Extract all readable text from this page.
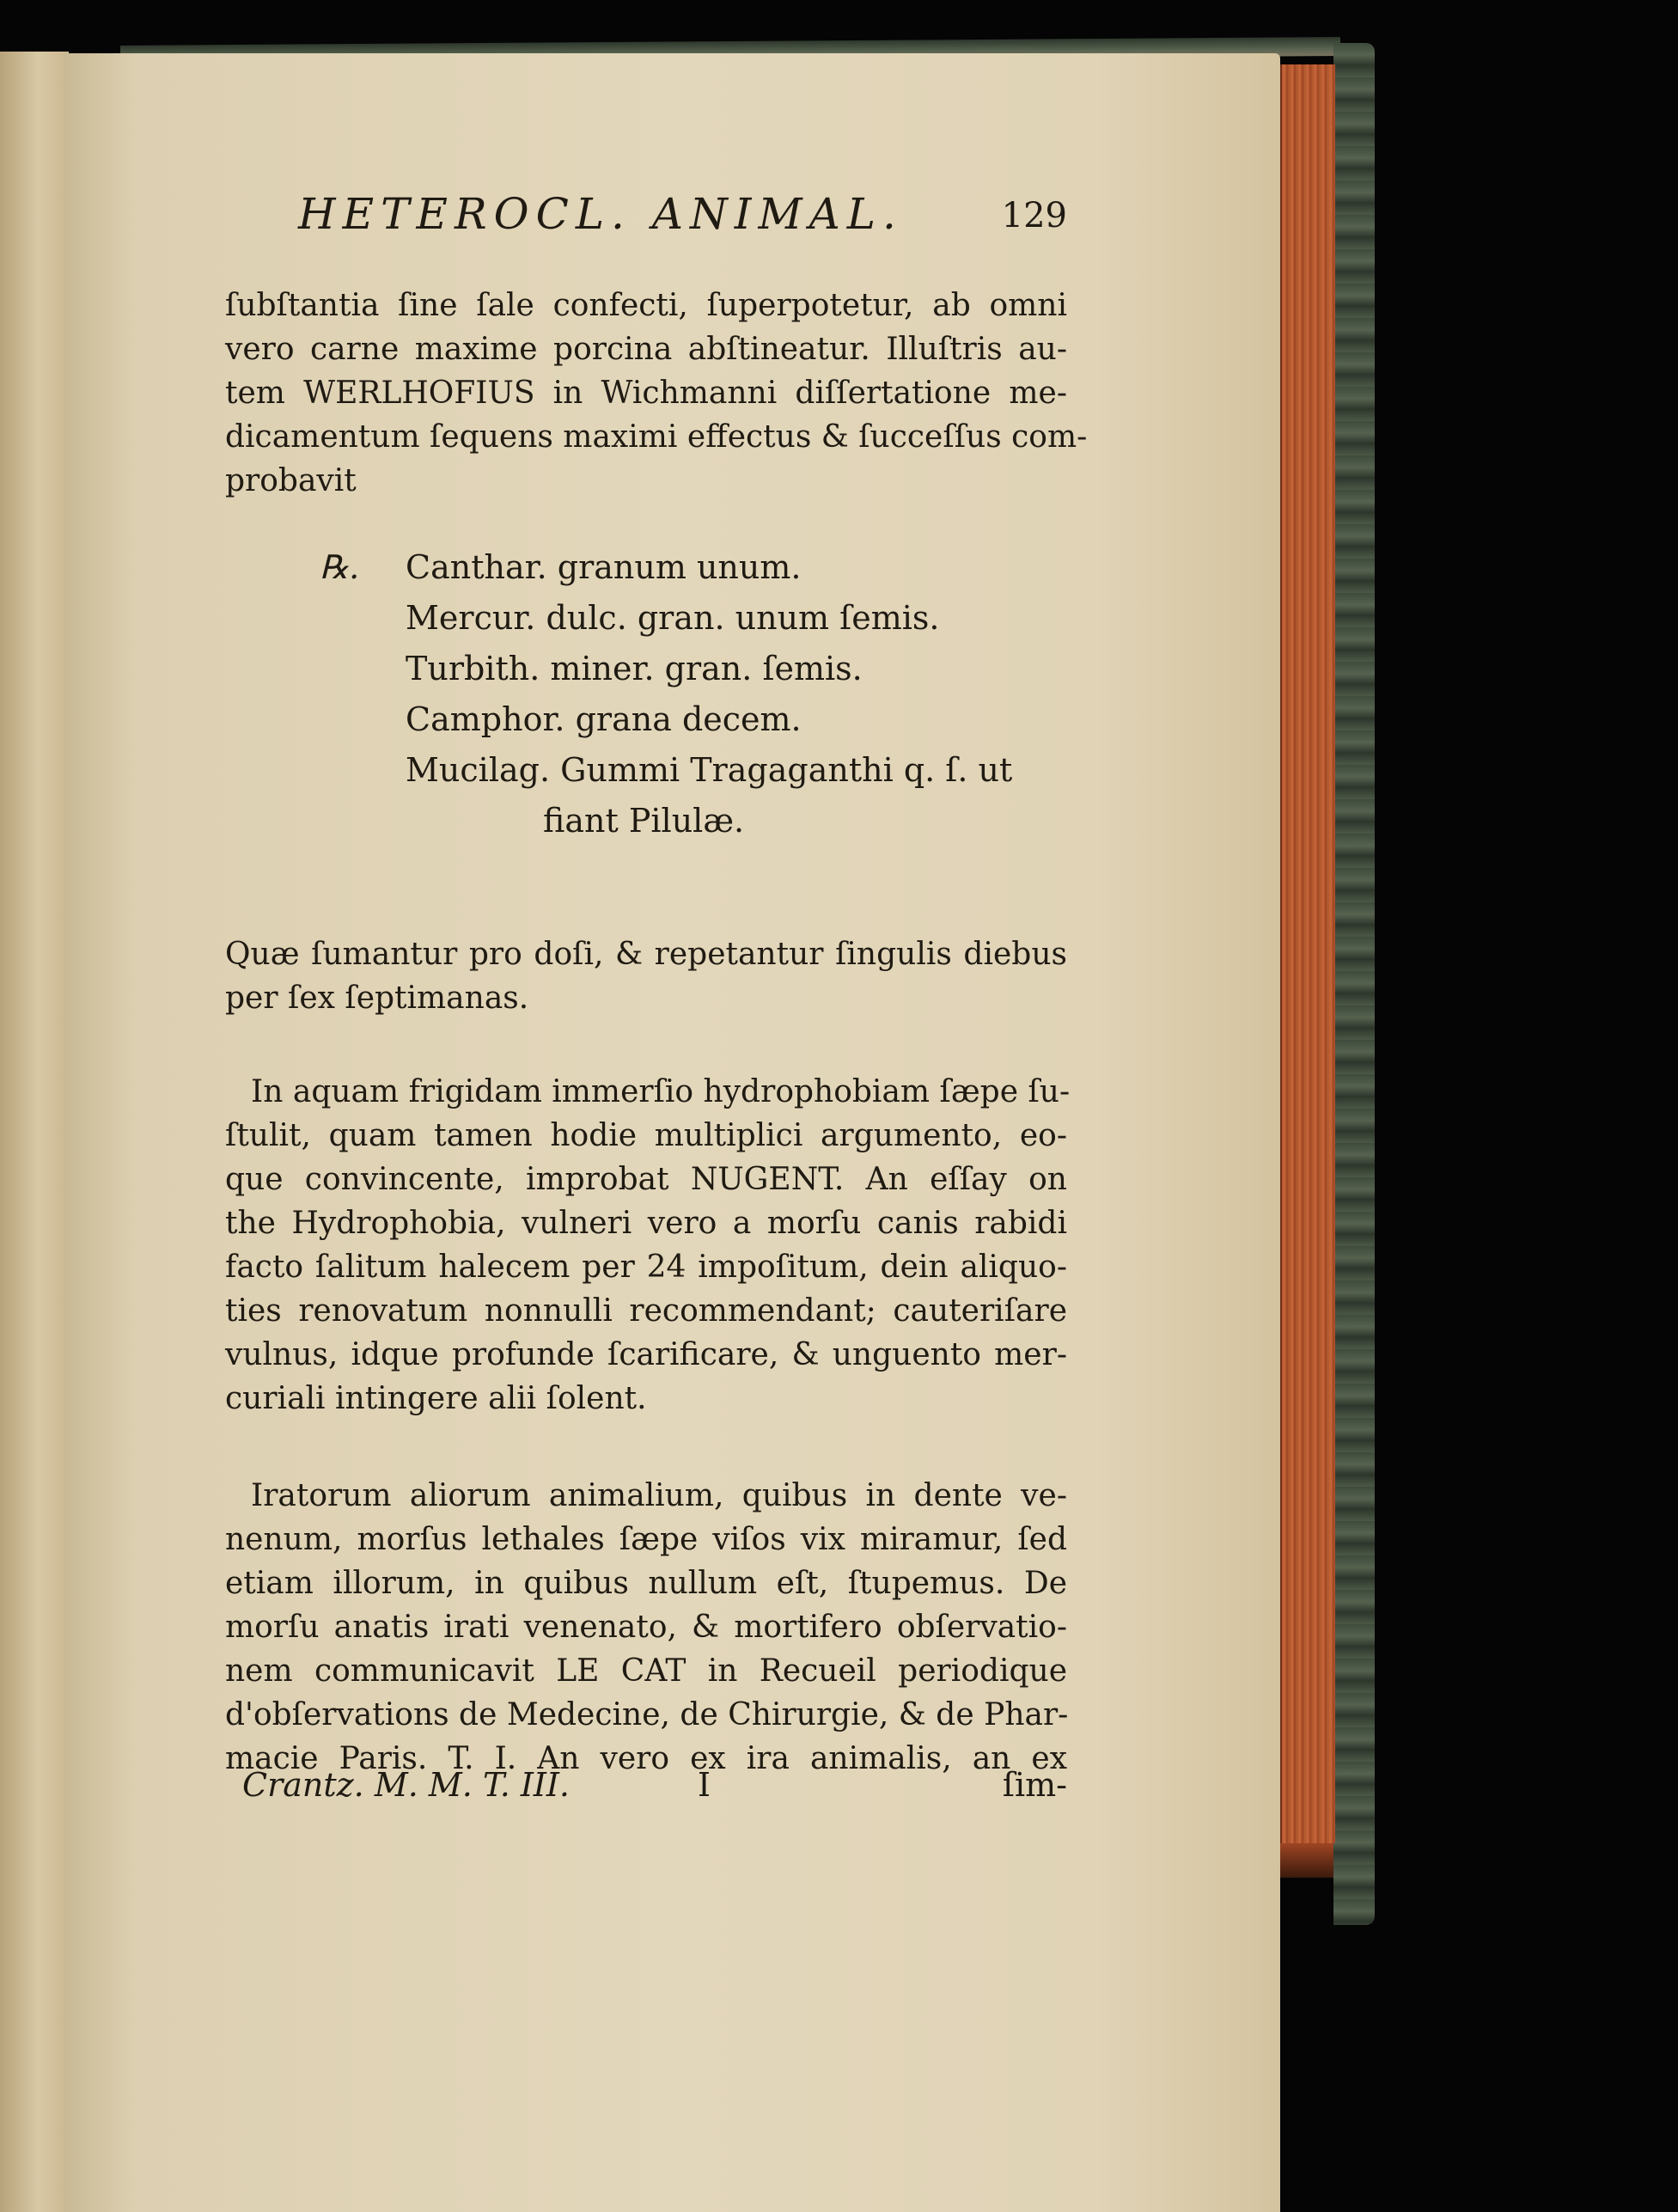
HETEROCL. ANIMAL.	129
ſubſtantia ſine ſale confecti, ſuperpotetur, ab omni
vero carne maxime porcina abſtineatur. Illuſtris au-
tem WERLHOFIUS in Wichmanni diſſertatione me-
dicamentum ſequens maximi effectus & ſucceſſus com-
probavit
℞. Canthar. granum unum.
Mercur. dulc. gran. unum ſemis.
Turbith. miner. gran. ſemis.
Camphor. grana decem.
Mucilag. Gummi Tragaganthi q. ſ. ut
fiant Pilulæ.
Quæ ſumantur pro doſi, & repetantur ſingulis diebus
per ſex ſeptimanas.
In aquam frigidam immerſio hydrophobiam ſæpe ſu-
ſtulit, quam tamen hodie multiplici argumento, eo-
que convincente, improbat NUGENT. An eſſay on
the Hydrophobia, vulneri vero a morſu canis rabidi
facto ſalitum halecem per 24 impoſitum, dein aliquo-
ties renovatum nonnulli recommendant; cauteriſare
vulnus, idque profunde ſcarificare, & unguento mer-
curiali intingere alii ſolent.
Iratorum aliorum animalium, quibus in dente ve-
nenum, morſus lethales ſæpe viſos vix miramur, ſed
etiam illorum, in quibus nullum eſt, ſtupemus. De
morſu anatis irati venenato, & mortifero obſervatio-
nem communicavit LE CAT in Recueil periodique
d'obſervations de Medecine, de Chirurgie, & de Phar-
macie Paris. T. I. An vero ex ira animalis, an ex
Crantz. M. M. T. III.	I	ſim-
